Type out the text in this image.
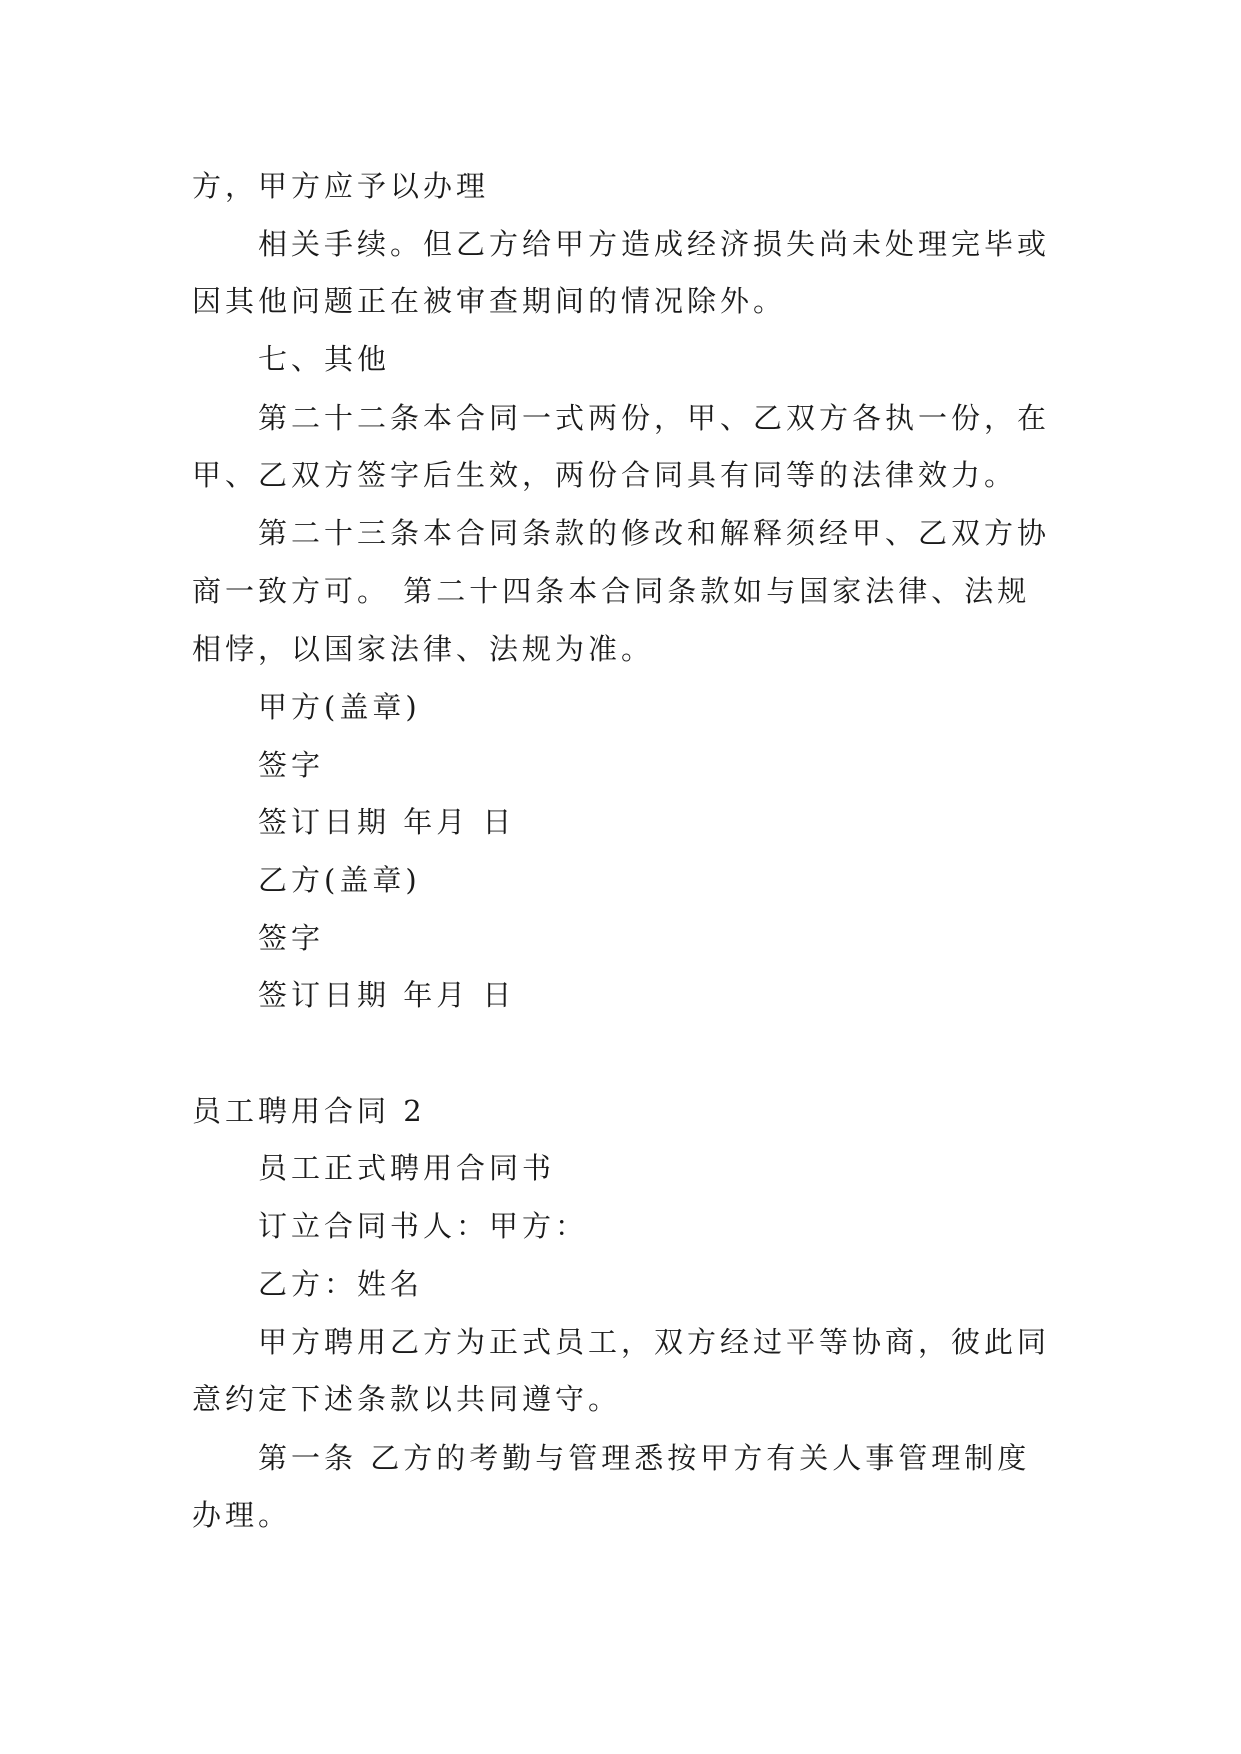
方，甲方应予以办理
相关手续。但乙方给甲方造成经济损失尚未处理完毕或
因其他问题正在被审查期间的情况除外。
七、其他
第二十二条本合同一式两份，甲、乙双方各执一份，在
甲、乙双方签字后生效，两份合同具有同等的法律效力。
第二十三条本合同条款的修改和解释须经甲、乙双方协
商一致方可。 第二十四条本合同条款如与国家法律、法规
相悖，以国家法律、法规为准。
甲方(盖章)
签字
签订日期 年月 日
乙方(盖章)
签字
签订日期 年月 日
员工聘用合同 2
员工正式聘用合同书
订立合同书人：甲方：
乙方：姓名
甲方聘用乙方为正式员工，双方经过平等协商，彼此同
意约定下述条款以共同遵守。
第一条 乙方的考勤与管理悉按甲方有关人事管理制度
办理。
